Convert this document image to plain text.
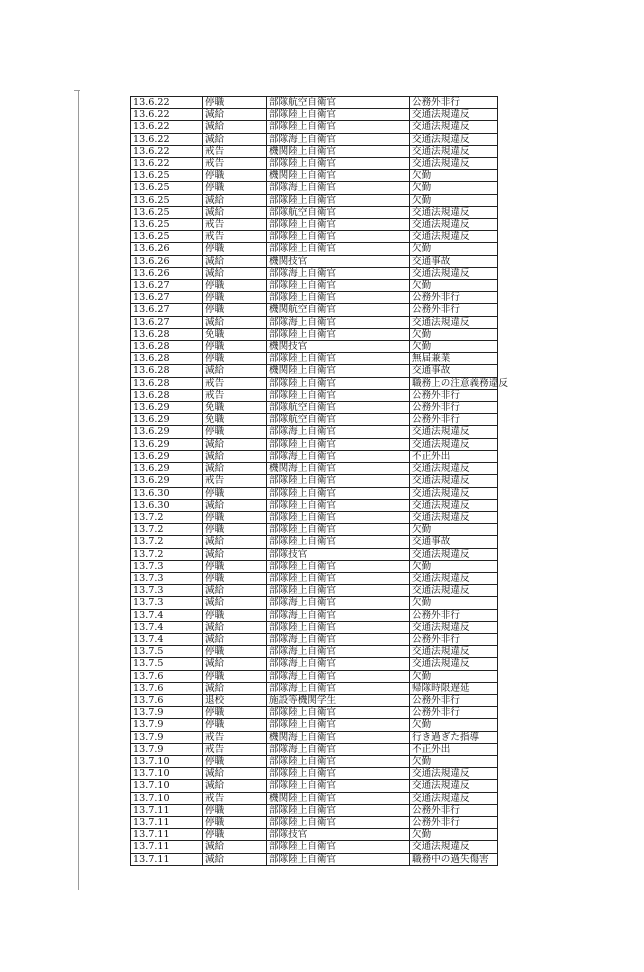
13.6.22	停職	部隊航空自衛官	公務外非行
13.6.22	減給	部隊陸上自衛官	交通法規違反
13.6.22	減給	部隊陸上自衛官	交通法規違反
13.6.22	減給	部隊海上自衛官	交通法規違反
13.6.22	戒告	機関陸上自衛官	交通法規違反
13.6.22	戒告	部隊陸上自衛官	交通法規違反
13.6.25	停職	機関陸上自衛官	欠勤
13.6.25	停職	部隊海上自衛官	欠勤
13.6.25	減給	部隊陸上自衛官	欠勤
13.6.25	減給	部隊航空自衛官	交通法規違反
13.6.25	戒告	部隊陸上自衛官	交通法規違反
13.6.25	戒告	部隊陸上自衛官	交通法規違反
13.6.26	停職	部隊陸上自衛官	欠勤
13.6.26	減給	機関技官	交通事故
13.6.26	減給	部隊海上自衛官	交通法規違反
13.6.27	停職	部隊陸上自衛官	欠勤
13.6.27	停職	部隊陸上自衛官	公務外非行
13.6.27	停職	機関航空自衛官	公務外非行
13.6.27	減給	部隊海上自衛官	交通法規違反
13.6.28	免職	部隊陸上自衛官	欠勤
13.6.28	停職	機関技官	欠勤
13.6.28	停職	部隊陸上自衛官	無届兼業
13.6.28	減給	機関陸上自衛官	交通事故
13.6.28	戒告	部隊陸上自衛官	職務上の注意義務違反
13.6.28	戒告	部隊陸上自衛官	公務外非行
13.6.29	免職	部隊航空自衛官	公務外非行
13.6.29	免職	部隊航空自衛官	公務外非行
13.6.29	停職	部隊海上自衛官	交通法規違反
13.6.29	減給	部隊陸上自衛官	交通法規違反
13.6.29	減給	部隊海上自衛官	不正外出
13.6.29	減給	機関海上自衛官	交通法規違反
13.6.29	戒告	部隊陸上自衛官	交通法規違反
13.6.30	停職	部隊陸上自衛官	交通法規違反
13.6.30	減給	部隊陸上自衛官	交通法規違反
13.7.2	停職	部隊陸上自衛官	交通法規違反
13.7.2	停職	部隊陸上自衛官	欠勤
13.7.2	減給	部隊陸上自衛官	交通事故
13.7.2	減給	部隊技官	交通法規違反
13.7.3	停職	部隊陸上自衛官	欠勤
13.7.3	停職	部隊陸上自衛官	交通法規違反
13.7.3	減給	部隊陸上自衛官	交通法規違反
13.7.3	減給	部隊海上自衛官	欠勤
13.7.4	停職	部隊海上自衛官	公務外非行
13.7.4	減給	部隊陸上自衛官	交通法規違反
13.7.4	減給	部隊海上自衛官	公務外非行
13.7.5	停職	部隊海上自衛官	交通法規違反
13.7.5	減給	部隊海上自衛官	交通法規違反
13.7.6	停職	部隊海上自衛官	欠勤
13.7.6	減給	部隊海上自衛官	帰隊時限遅延
13.7.6	退校	施設等機関学生	公務外非行
13.7.9	停職	部隊陸上自衛官	公務外非行
13.7.9	停職	部隊陸上自衛官	欠勤
13.7.9	戒告	機関海上自衛官	行き過ぎた指導
13.7.9	戒告	部隊海上自衛官	不正外出
13.7.10	停職	部隊陸上自衛官	欠勤
13.7.10	減給	部隊陸上自衛官	交通法規違反
13.7.10	減給	部隊陸上自衛官	交通法規違反
13.7.10	戒告	機関陸上自衛官	交通法規違反
13.7.11	停職	部隊陸上自衛官	公務外非行
13.7.11	停職	部隊陸上自衛官	公務外非行
13.7.11	停職	部隊技官	欠勤
13.7.11	減給	部隊陸上自衛官	交通法規違反
13.7.11	減給	部隊陸上自衛官	職務中の過失傷害
